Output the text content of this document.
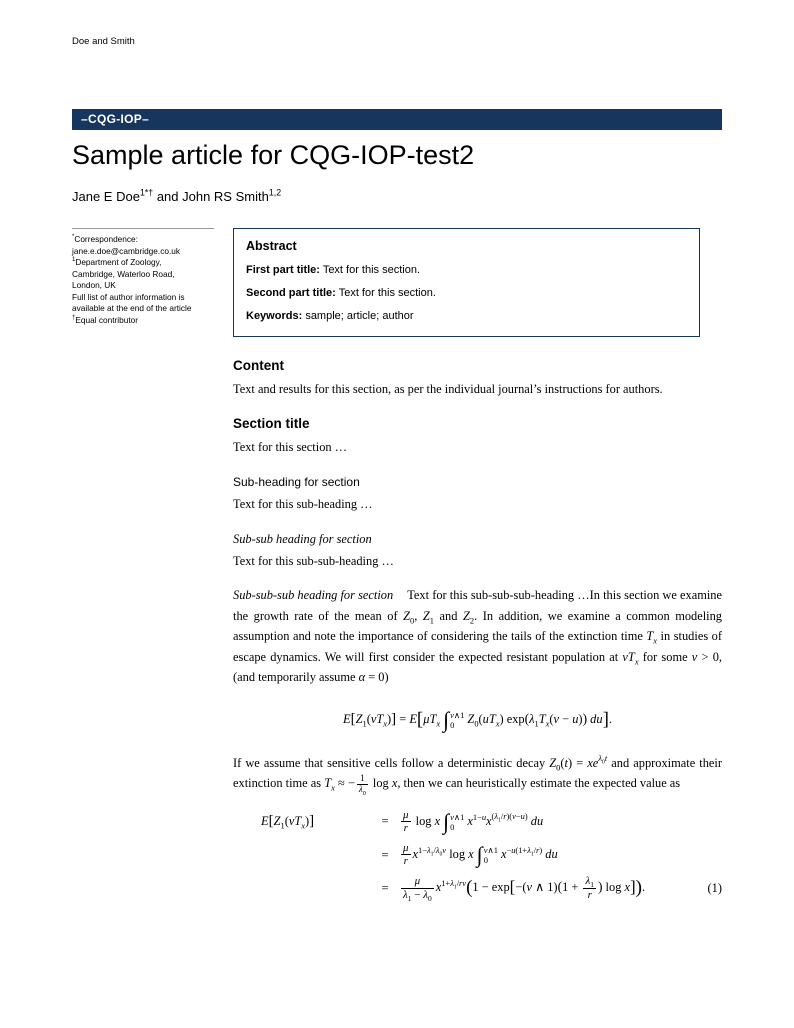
Doe and Smith
–CQG-IOP–
Sample article for CQG-IOP-test2
Jane E Doe$^{1*\dagger}$ and John RS Smith$^{1,2}$
*Correspondence:
jane.e.doe@cambridge.co.uk
$^1$Department of Zoology,
Cambridge, Waterloo Road,
London, UK
Full list of author information is
available at the end of the article
†Equal contributor
Abstract

First part title: Text for this section.

Second part title: Text for this section.

Keywords: sample; article; author

Content

Text and results for this section, as per the individual journal’s instructions for authors.

Section title

Text for this section …

Sub-heading for section

Text for this sub-heading …

Sub-sub heading for section

Text for this sub-sub-heading …

Sub-sub-sub heading for section Text for this sub-sub-sub-heading …In this section we examine the growth rate of the mean of $Z_0$, $Z_1$ and $Z_2$. In addition, we examine a common modeling assumption and note the importance of considering the tails of the extinction time $T_x$ in studies of escape dynamics. We will first consider the expected resistant population at $vT_x$ for some v > 0, (and temporarily assume α = 0)

$E[Z_1(vT_x)] = E[\mu T_x$ ∫ v∧1
0	$Z_0(uT_x) \exp(\lambda_1T_x(v - u))$ du].

If we assume that sensitive cells follow a deterministic decay $Z_0(t) = xe^{\lambda_0t}$ and approximate their extinction time as $T_x$ ≈ − $\frac{1}{\lambda_0}$ log x, then we can heuristically estimate the expected value as

$E[Z_1(vT_x)]$	=	$\frac{\mu}{r}$ log x ∫ v∧1
0	$x^{1-u}x^{(\lambda_1/r)(v-u)}$ du
=	$\frac{\mu}{r} x^{1-\lambda_1/\lambda_0v}$ log x ∫ v∧1
0	$x^{-u(1+\lambda_1/r)}$ du
=	$\frac{\mu}{\lambda_1 - \lambda_0} x^{1+\lambda_1/rv}(1 - \exp[-(v$ ∧ $1)(1 + \frac{\lambda_1}{r}$ ) log x]).	(1)
